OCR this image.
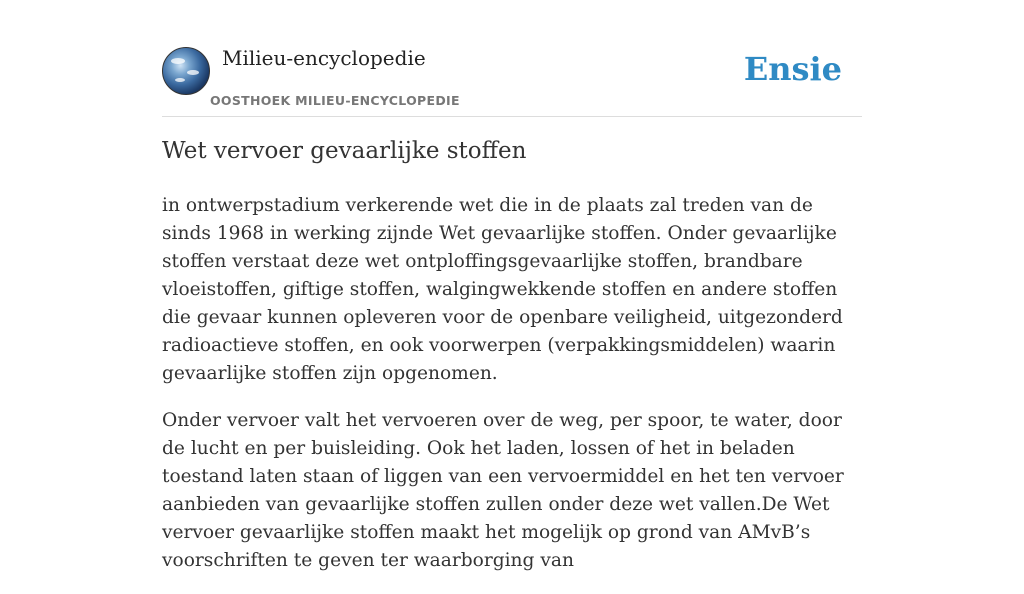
Milieu-encyclopedie
OOSTHOEK MILIEU-ENCYCLOPEDIE
Ensie
Wet vervoer gevaarlijke stoffen

in ontwerpstadium verkerende wet die in de plaats zal treden van de sinds 1968 in werking zijnde Wet gevaarlijke stoffen. Onder gevaarlijke stoffen verstaat deze wet ontploffingsgevaarlijke stoffen, brandbare vloeistoffen, giftige stoffen, walgingwekkende stoffen en andere stoffen die gevaar kunnen opleveren voor de openbare veiligheid, uitgezonderd radioactieve stoffen, en ook voorwerpen (verpakkingsmiddelen) waarin gevaarlijke stoffen zijn opgenomen.

Onder vervoer valt het vervoeren over de weg, per spoor, te water, door de lucht en per buisleiding. Ook het laden, lossen of het in beladen toestand laten staan of liggen van een vervoermiddel en het ten vervoer aanbieden van gevaarlijke stoffen zullen onder deze wet vallen.De Wet vervoer gevaarlijke stoffen maakt het mogelijk op grond van AMvB’s voorschriften te geven ter waarborging van
